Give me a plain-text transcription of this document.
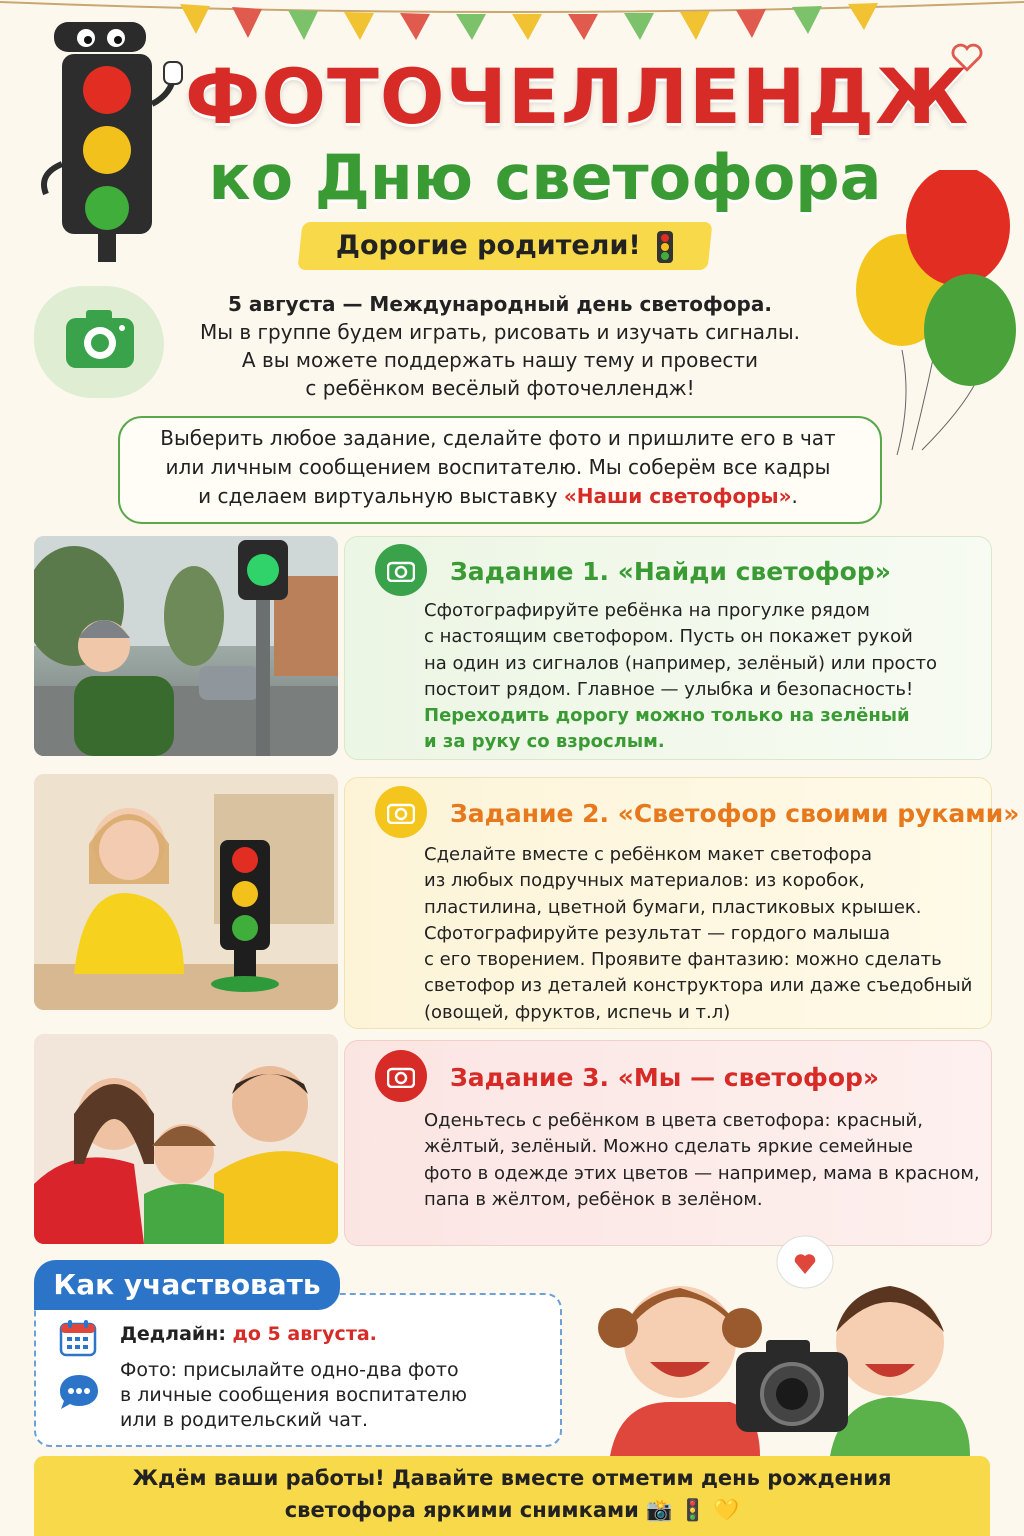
ФОТОЧЕЛЛЕНДЖ
ко Дню светофора
Дорогие родители!
5 августа — Международный день светофора.
Мы в группе будем играть, рисовать и изучать сигналы.
А вы можете поддержать нашу тему и провести
с ребёнком весёлый фоточеллендж!
Выберить любое задание, сделайте фото и пришлите его в чат
или личным сообщением воспитателю. Мы соберём все кадры
и сделаем виртуальную выставку «Наши светофоры».
Задание 1. «Найди светофор»
Сфотографируйте ребёнка на прогулке рядом
с настоящим светофором. Пусть он покажет рукой
на один из сигналов (например, зелёный) или просто
постоит рядом. Главное — улыбка и безопасность!
Переходить дорогу можно только на зелёный
и за руку со взрослым.
Задание 2. «Светофор своими руками»
Сделайте вместе с ребёнком макет светофора
из любых подручных материалов: из коробок,
пластилина, цветной бумаги, пластиковых крышек.
Сфотографируйте результат — гордого малыша
с его творением. Проявите фантазию: можно сделать
светофор из деталей конструктора или даже съедобный
(овощей, фруктов, испечь и т.л)
Задание 3. «Мы — светофор»
Оденьтесь с ребёнком в цвета светофора: красный,
жёлтый, зелёный. Можно сделать яркие семейные
фото в одежде этих цветов — например, мама в красном,
папа в жёлтом, ребёнок в зелёном.
Как участвовать
Дедлайн: до 5 августа.
Фото: присылайте одно-два фото
в личные сообщения воспитателю
или в родительский чат.
Ждём ваши работы! Давайте вместе отметим день рождения
светофора яркими снимками 📸 🚦 💛
